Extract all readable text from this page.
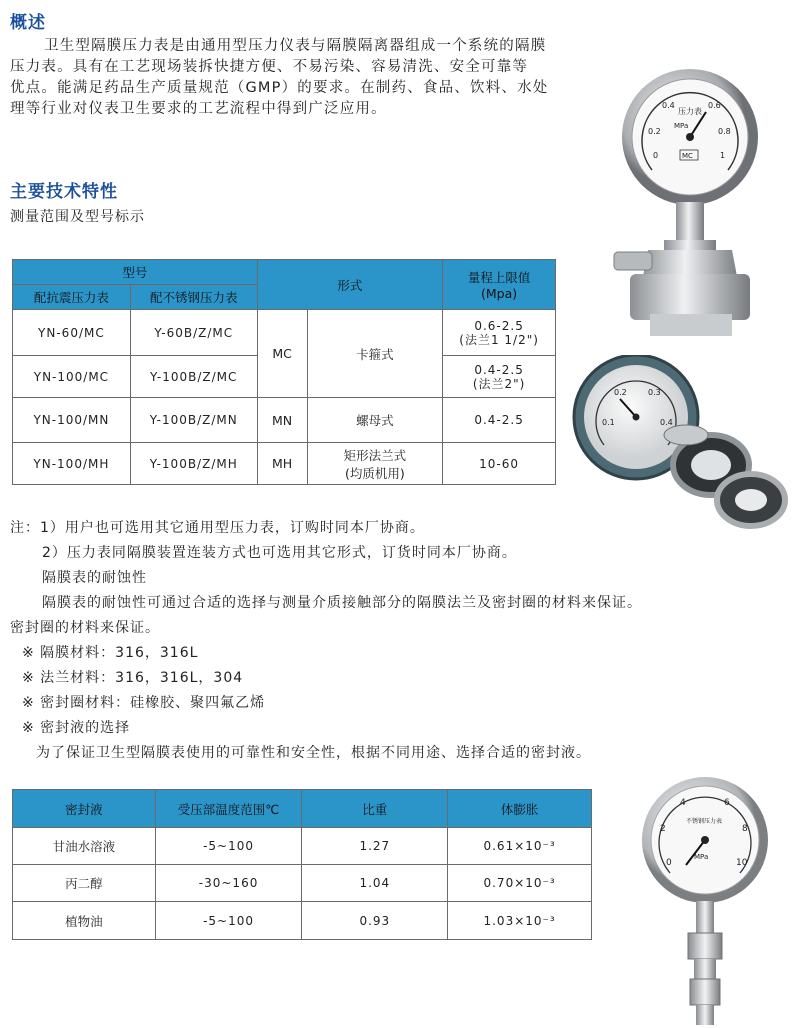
概述
卫生型隔膜压力表是由通用型压力仪表与隔膜隔离器组成一个系统的隔膜
压力表。具有在工艺现场装拆快捷方便、不易污染、容易清洗、安全可靠等
优点。能满足药品生产质量规范（GMP）的要求。在制药、食品、饮料、水处
理等行业对仪表卫生要求的工艺流程中得到广泛应用。
主要技术特性
测量范围及型号标示
型号		形式		量程上限值
(Mpa)

配抗震压力表	配不锈钢压力表			
YN-60/MC	Y-60B/Z/MC	MC	卡箍式	0.6-2.5
(法兰1 1/2")

YN-100/MC	Y-100B/Z/MC			0.4-2.5
(法兰2")

YN-100/MN	Y-100B/Z/MN	MN	螺母式	0.4-2.5
YN-100/MH	Y-100B/Z/MH	MH	矩形法兰式
(均质机用)	10-60
注：1）用户也可选用其它通用型压力表，订购时同本厂协商。
2）压力表同隔膜装置连装方式也可选用其它形式，订货时同本厂协商。
隔膜表的耐蚀性
隔膜表的耐蚀性可通过合适的选择与测量介质接触部分的隔膜法兰及密封圈的材料来保证。
密封圈的材料来保证。
※ 隔膜材料：316，316L
※ 法兰材料：316，316L，304
※ 密封圈材料：硅橡胶、聚四氟乙烯
※ 密封液的选择
为了保证卫生型隔膜表使用的可靠性和安全性，根据不同用途、选择合适的密封液。
密封液	受压部温度范围℃	比重	体膨胀
甘油水溶液	-5~100	1.27	0.61×10⁻³
丙二醇	-30~160	1.04	0.70×10⁻³
植物油	-5~100	0.93	1.03×10⁻³
0
0.2
0.4	0.6
0.8
1
压力表
MPa
MC
0.1
0.2	0.3
0.4
0
2
4	6
8
10
不锈钢压力表
MPa
